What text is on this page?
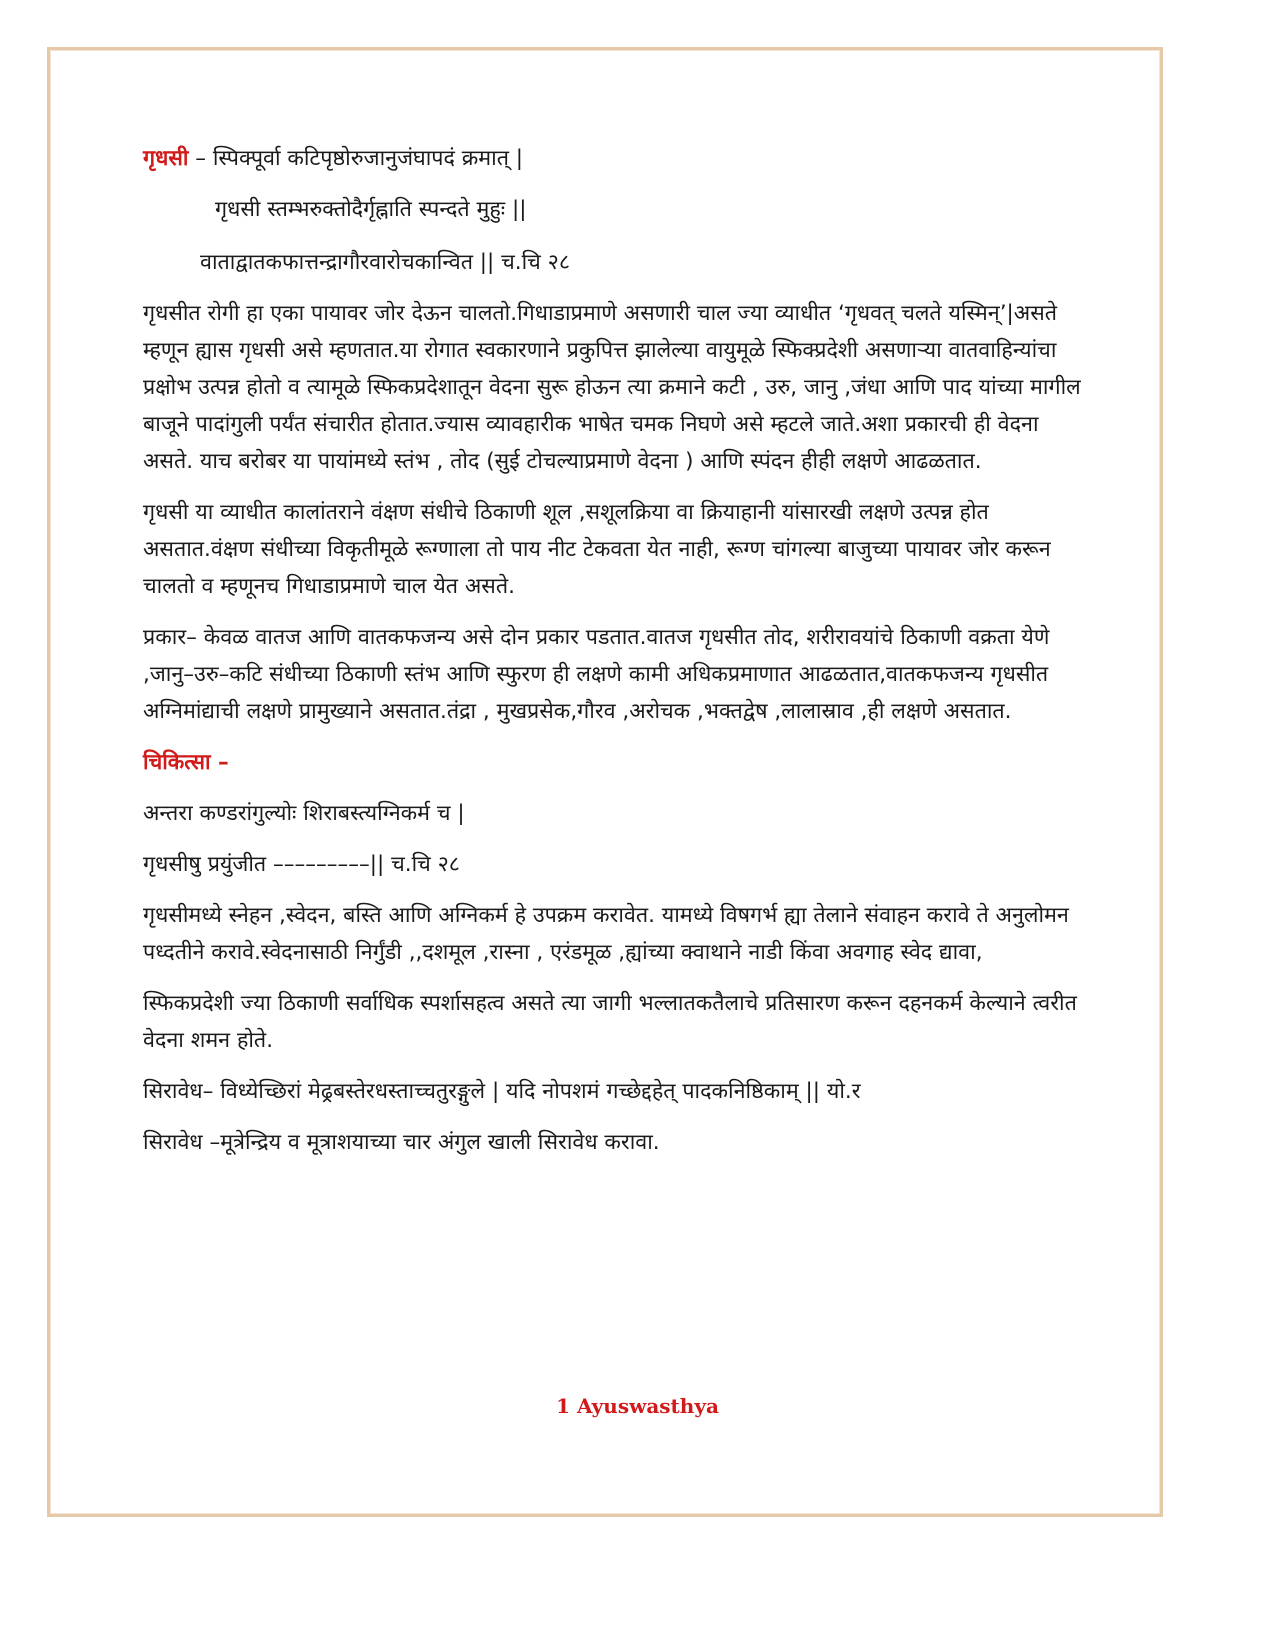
गृधसी – स्पिक्पूर्वा कटिपृष्ठोरुजानुजंघापदं क्रमात् |

गृधसी स्तम्भरुक्तोदैर्गृह्नाति स्पन्दते मुहुः ||

वाताद्वातकफात्तन्द्रागौरवारोचकान्वित || च.चि २८

गृधसीत रोगी हा एका पायावर जोर देऊन चालतो.गिधाडाप्रमाणे असणारी चाल ज्या व्याधीत ‘गृधवत् चलते यस्मिन्’|असते म्हणून ह्यास गृधसी असे म्हणतात.या रोगात स्वकारणाने प्रकुपित्त झालेल्या वायुमूळे स्फिक्प्रदेशी असणाऱ्या वातवाहिन्यांचा प्रक्षोभ उत्पन्न होतो व त्यामूळे स्फिकप्रदेशातून वेदना सुरू होऊन त्या क्रमाने कटी , उरु, जानु ,जंधा आणि पाद यांच्या मागील बाजूने पादांगुली पर्यंत संचारीत होतात.ज्यास व्यावहारीक भाषेत चमक निघणे असे म्हटले जाते.अशा प्रकारची ही वेदना असते. याच बरोबर या पायांमध्ये स्तंभ , तोद (सुई टोचल्याप्रमाणे वेदना ) आणि स्पंदन हीही लक्षणे आढळतात.

गृधसी या व्याधीत कालांतराने वंक्षण संधीचे ठिकाणी शूल ,सशूलक्रिया वा क्रियाहानी यांसारखी लक्षणे उत्पन्न होत असतात.वंक्षण संधीच्या विकृतीमूळे रूग्णाला तो पाय नीट टेकवता येत नाही, रूग्ण चांगल्या बाजुच्या पायावर जोर करून चालतो व म्हणूनच गिधाडाप्रमाणे चाल येत असते.

प्रकार– केवळ वातज आणि वातकफजन्य असे दोन प्रकार पडतात.वातज गृधसीत तोद, शरीरावयांचे ठिकाणी वक्रता येणे ,जानु–उरु–कटि संधीच्या ठिकाणी स्तंभ आणि स्फुरण ही लक्षणे कामी अधिकप्रमाणात आढळतात,वातकफजन्य गृधसीत अग्निमांद्याची लक्षणे प्रामुख्याने असतात.तंद्रा , मुखप्रसेक,गौरव ,अरोचक ,भक्तद्वेष ,लालास्राव ,ही लक्षणे असतात.

चिकित्सा –

अन्तरा कण्डरांगुल्योः शिराबस्त्यग्निकर्म च |

गृधसीषु प्रयुंजीत –––––––––|| च.चि २८

गृधसीमध्ये स्नेहन ,स्वेदन, बस्ति आणि अग्निकर्म हे उपक्रम करावेत. यामध्ये विषगर्भ ह्या तेलाने संवाहन करावे ते अनुलोमन पध्दतीने करावे.स्वेदनासाठी निर्गुंडी ,,दशमूल ,रास्ना , एरंडमूळ ,ह्यांच्या क्वाथाने नाडी किंवा अवगाह स्वेद द्यावा,

स्फिकप्रदेशी ज्या ठिकाणी सर्वाधिक स्पर्शासहत्व असते त्या जागी भल्लातकतैलाचे प्रतिसारण करून दहनकर्म केल्याने त्वरीत वेदना शमन होते.

सिरावेध– विध्येच्छिरां मेढ्रबस्तेरधस्ताच्चतुरङ्गुले | यदि नोपशमं गच्छेद्दहेत् पादकनिष्ठिकाम् || यो.र

सिरावेध –मूत्रेन्द्रिय व मूत्राशयाच्या चार अंगुल खाली सिरावेध करावा.

1 Ayuswasthya
